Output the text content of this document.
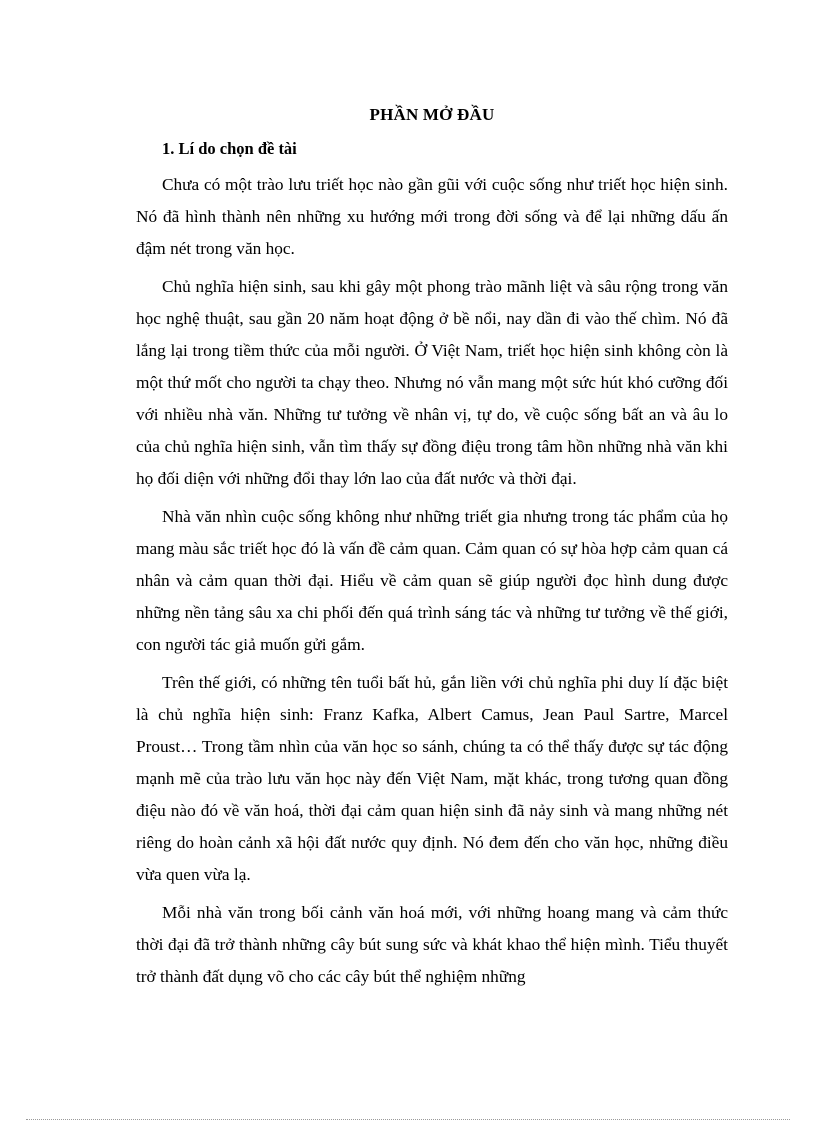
PHẦN MỞ ĐẦU
1. Lí do chọn đề tài

Chưa có một trào lưu triết học nào gần gũi với cuộc sống như triết học hiện sinh. Nó đã hình thành nên những xu hướng mới trong đời sống và để lại những dấu ấn đậm nét trong văn học.

Chủ nghĩa hiện sinh, sau khi gây một phong trào mãnh liệt và sâu rộng trong văn học nghệ thuật, sau gần 20 năm hoạt động ở bề nổi, nay dần đi vào thế chìm. Nó đã lắng lại trong tiềm thức của mỗi người. Ở Việt Nam, triết học hiện sinh không còn là một thứ mốt cho người ta chạy theo. Nhưng nó vẫn mang một sức hút khó cưỡng đối với nhiều nhà văn. Những tư tưởng về nhân vị, tự do, về cuộc sống bất an và âu lo của chủ nghĩa hiện sinh, vẫn tìm thấy sự đồng điệu trong tâm hồn những nhà văn khi họ đối diện với những đổi thay lớn lao của đất nước và thời đại.

Nhà văn nhìn cuộc sống không như những triết gia nhưng trong tác phẩm của họ mang màu sắc triết học đó là vấn đề cảm quan. Cảm quan có sự hòa hợp cảm quan cá nhân và cảm quan thời đại. Hiểu về cảm quan sẽ giúp người đọc hình dung được những nền tảng sâu xa chi phối đến quá trình sáng tác và những tư tưởng về thế giới, con người tác giả muốn gửi gắm.

Trên thế giới, có những tên tuổi bất hủ, gắn liền với chủ nghĩa phi duy lí đặc biệt là chủ nghĩa hiện sinh: Franz Kafka, Albert Camus, Jean Paul Sartre, Marcel Proust… Trong tầm nhìn của văn học so sánh, chúng ta có thể thấy được sự tác động mạnh mẽ của trào lưu văn học này đến Việt Nam, mặt khác, trong tương quan đồng điệu nào đó về văn hoá, thời đại cảm quan hiện sinh đã nảy sinh và mang những nét riêng do hoàn cảnh xã hội đất nước quy định. Nó đem đến cho văn học, những điều vừa quen vừa lạ.

Mỗi nhà văn trong bối cảnh văn hoá mới, với những hoang mang và cảm thức thời đại đã trở thành những cây bút sung sức và khát khao thể hiện mình. Tiểu thuyết trở thành đất dụng võ cho các cây bút thể nghiệm những
